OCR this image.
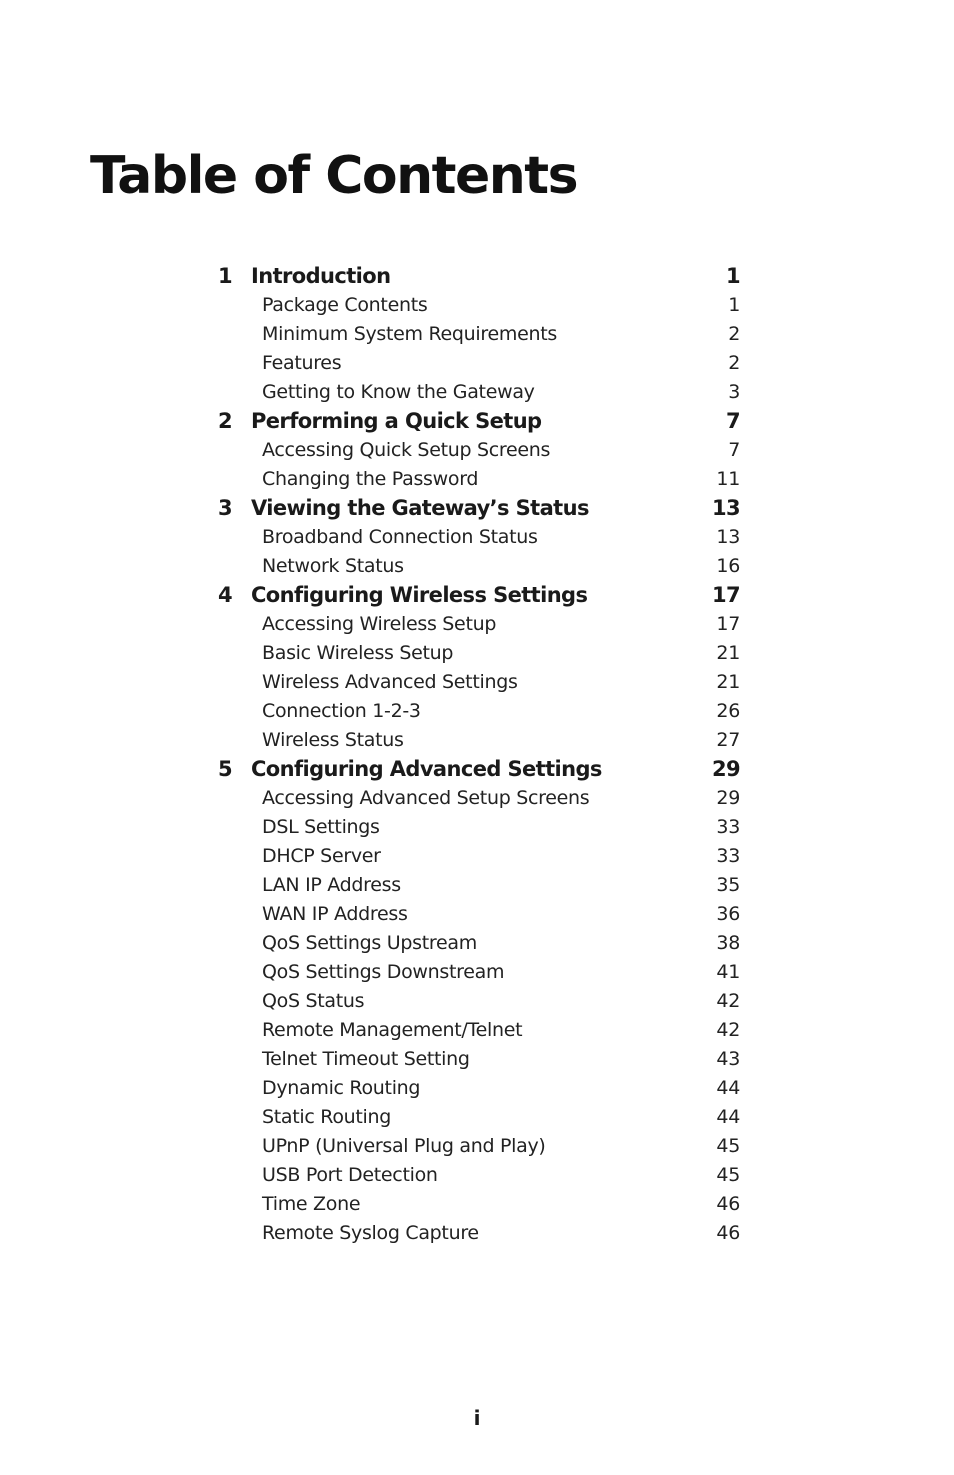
Table of Contents
1 Introduction	1
Package Contents	1
Minimum System Requirements	2
Features	2
Getting to Know the Gateway	3
2 Performing a Quick Setup	7
Accessing Quick Setup Screens	7
Changing the Password	11
3 Viewing the Gateway’s Status	13
Broadband Connection Status	13
Network Status	16
4 Configuring Wireless Settings	17
Accessing Wireless Setup	17
Basic Wireless Setup	21
Wireless Advanced Settings	21
Connection 1-2-3	26
Wireless Status	27
5 Configuring Advanced Settings	29
Accessing Advanced Setup Screens	29
DSL Settings	33
DHCP Server	33
LAN IP Address	35
WAN IP Address	36
QoS Settings Upstream	38
QoS Settings Downstream	41
QoS Status	42
Remote Management/Telnet	42
Telnet Timeout Setting	43
Dynamic Routing	44
Static Routing	44
UPnP (Universal Plug and Play)	45
USB Port Detection	45
Time Zone	46
Remote Syslog Capture	46
i
